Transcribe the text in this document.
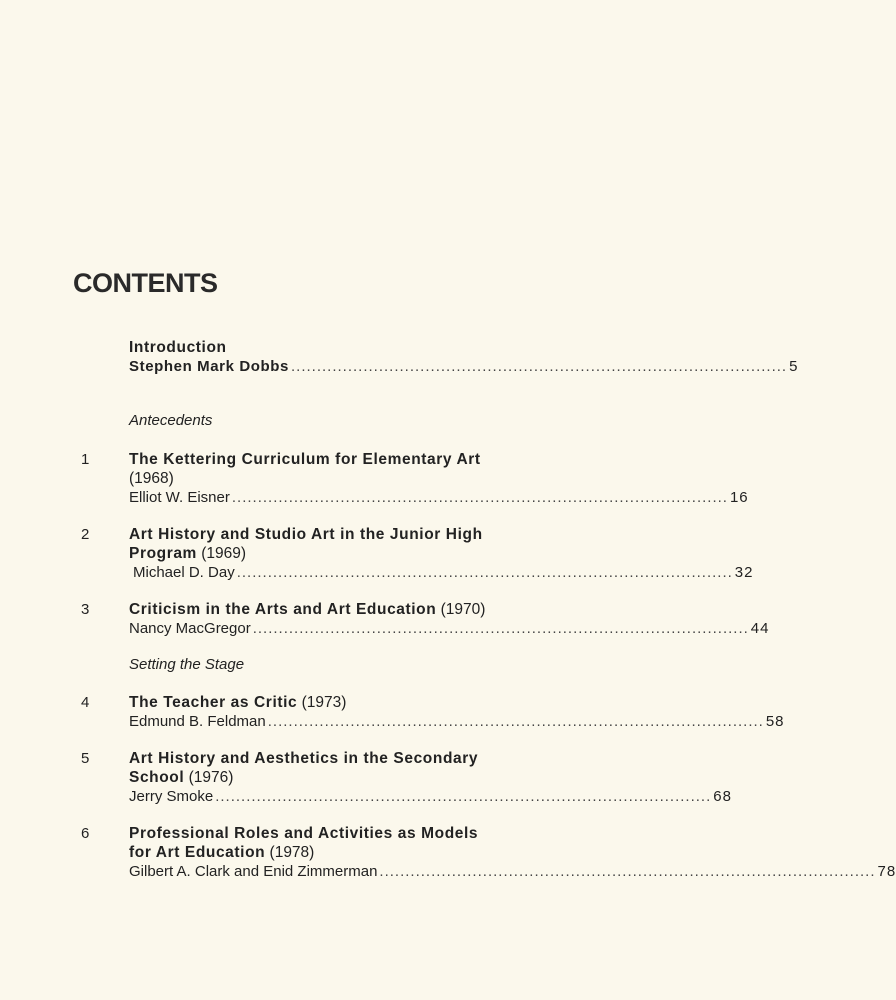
CONTENTS
Introduction
Stephen Mark Dobbs ................................................................................................ 5
Antecedents
1	The Kettering Curriculum for Elementary Art
(1968)
Elliot W. Eisner ................................................................................................ 16
2	Art History and Studio Art in the Junior High
Program (1969)
Michael D. Day ................................................................................................ 32
3	Criticism in the Arts and Art Education (1970)
Nancy MacGregor ................................................................................................ 44
Setting the Stage
4	The Teacher as Critic (1973)
Edmund B. Feldman ................................................................................................ 58
5	Art History and Aesthetics in the Secondary
School (1976)
Jerry Smoke ................................................................................................ 68
6	Professional Roles and Activities as Models
for Art Education (1978)
Gilbert A. Clark and Enid Zimmerman ................................................................................................ 78
